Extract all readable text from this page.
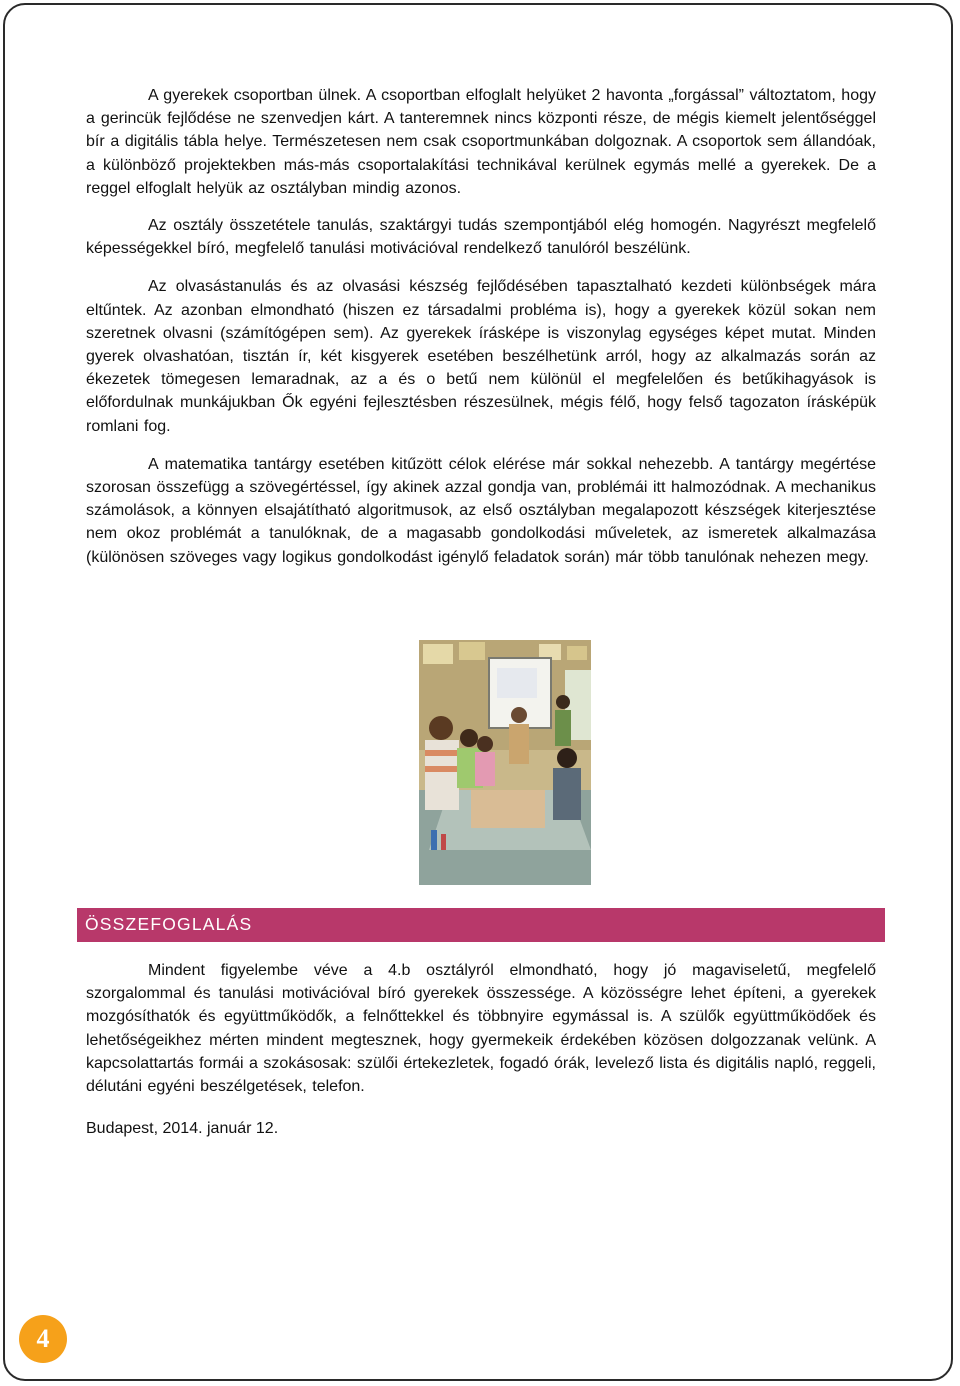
A gyerekek csoportban ülnek. A csoportban elfoglalt helyüket 2 havonta „forgással” változtatom, hogy a gerincük fejlődése ne szenvedjen kárt. A tanteremnek nincs központi része, de mégis kiemelt jelentőséggel bír a digitális tábla helye. Természetesen nem csak csoportmunkában dolgoznak. A csoportok sem állandóak, a különböző projektekben más-más csoportalakítási technikával kerülnek egymás mellé a gyerekek. De a reggel elfoglalt helyük az osztályban mindig azonos.

Az osztály összetétele tanulás, szaktárgyi tudás szempontjából elég homogén. Nagyrészt megfelelő képességekkel bíró, megfelelő tanulási motivációval rendelkező tanulóról beszélünk.

Az olvasástanulás és az olvasási készség fejlődésében tapasztalható kezdeti különbségek mára eltűntek. Az azonban elmondható (hiszen ez társadalmi probléma is), hogy a gyerekek közül sokan nem szeretnek olvasni (számítógépen sem). Az gyerekek írásképe is viszonylag egységes képet mutat. Minden gyerek olvashatóan, tisztán ír, két kisgyerek esetében beszélhetünk arról, hogy az alkalmazás során az ékezetek tömegesen lemaradnak, az a és o betű nem különül el megfelelően és betűkihagyások is előfordulnak munkájukban Ők egyéni fejlesztésben részesülnek, mégis félő, hogy felső tagozaton írásképük romlani fog.

A matematika tantárgy esetében kitűzött célok elérése már sokkal nehezebb. A tantárgy megértése szorosan összefügg a szövegértéssel, így akinek azzal gondja van, problémái itt halmozódnak. A mechanikus számolások, a könnyen elsajátítható algoritmusok, az első osztályban megalapozott készségek kiterjesztése nem okoz problémát a tanulóknak, de a magasabb gondolkodási műveletek, az ismeretek alkalmazása (különösen szöveges vagy logikus gondolkodást igénylő feladatok során) már több tanulónak nehezen megy.

ÖSSZEFOGLALÁS

Mindent figyelembe véve a 4.b osztályról elmondható, hogy jó magaviseletű, megfelelő szorgalommal és tanulási motivációval bíró gyerekek összessége. A közösségre lehet építeni, a gyerekek mozgósíthatók és együttműködők, a felnőttekkel és többnyire egymással is. A szülők együttműködőek és lehetőségeikhez mérten mindent megtesznek, hogy gyermekeik érdekében közösen dolgozzanak velünk. A kapcsolattartás formái a szokásosak: szülői értekezletek, fogadó órák, levelező lista és digitális napló, reggeli, délutáni egyéni beszélgetések, telefon.

Budapest, 2014. január 12.
4
